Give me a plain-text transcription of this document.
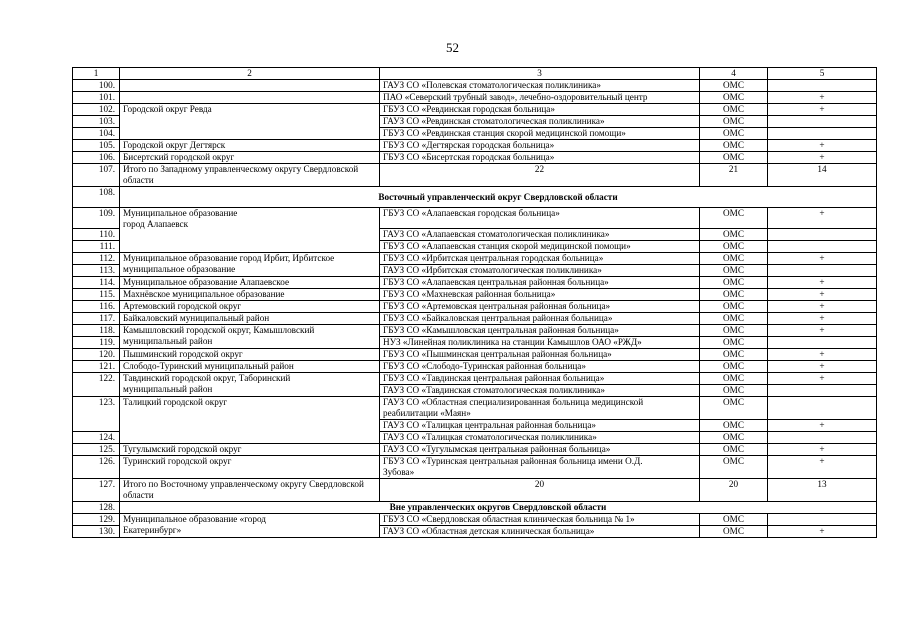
52
1	2	3	4	5
100.		ГАУЗ СО «Полевская стоматологическая поликлиника»	ОМС	
101.		ПАО «Северский трубный завод», лечебно-оздоровительный центр	ОМС	+
102.	Городской округ Ревда	ГБУЗ СО «Ревдинская городская больница»	ОМС	+
103.		ГАУЗ СО «Ревдинская стоматологическая поликлиника»	ОМС	
104.		ГБУЗ СО «Ревдинская станция скорой медицинской помощи»	ОМС	
105.	Городской округ Дегтярск	ГБУЗ СО «Дегтярская городская больница»	ОМС	+
106.	Бисертский городской округ	ГБУЗ СО «Бисертская городская больница»	ОМС	+
107.	Итого по Западному управленческому округу Свердловской области	22	21	14
108.	Восточный управленческий округ Свердловской области			
109.	Муниципальное образование город Алапаевск	ГБУЗ СО «Алапаевская городская больница»	ОМС	+
110.		ГАУЗ СО «Алапаевская стоматологическая поликлиника»	ОМС	
111.		ГБУЗ СО «Алапаевская станция скорой медицинской помощи»	ОМС	
112.	Муниципальное образование город Ирбит, Ирбитское муниципальное образование	ГБУЗ СО «Ирбитская центральная городская больница»	ОМС	+
113.		ГАУЗ СО «Ирбитская стоматологическая поликлиника»	ОМС	
114.	Муниципальное образование Алапаевское	ГБУЗ СО «Алапаевская центральная районная больница»	ОМС	+
115.	Махнёвское муниципальное образование	ГБУЗ СО «Махневская районная больница»	ОМС	+
116.	Артемовский городской округ	ГБУЗ СО «Артемовская центральная районная больница»	ОМС	+
117.	Байкаловский муниципальный район	ГБУЗ СО «Байкаловская центральная районная больница»	ОМС	+
118.	Камышловский городской округ, Камышловский муниципальный район	ГБУЗ СО «Камышловская центральная районная больница»	ОМС	+
119.		НУЗ «Линейная поликлиника на станции Камышлов ОАО «РЖД»	ОМС	
120.	Пышминский городской округ	ГБУЗ СО «Пышминская центральная районная больница»	ОМС	+
121.	Слободо-Туринский муниципальный район	ГБУЗ СО «Слободо-Туринская районная больница»	ОМС	+
122.	Тавдинский городской округ, Таборинский муниципальный район	ГБУЗ СО «Тавдинская центральная районная больница»	ОМС	+
		ГАУЗ СО «Тавдинская стоматологическая поликлиника»	ОМС	
123.	Талицкий городской округ	ГАУЗ СО «Областная специализированная больница медицинской реабилитации «Маян»	ОМС	
		ГАУЗ СО «Талицкая центральная районная больница»	ОМС	+
124.		ГАУЗ СО «Талицкая стоматологическая поликлиника»	ОМС	
125.	Тугулымский городской округ	ГАУЗ СО «Тугулымская центральная районная больница»	ОМС	+
126.	Туринский городской округ	ГБУЗ СО «Туринская центральная районная больница имени О.Д. Зубова»	ОМС	+
127.	Итого по Восточному управленческому округу Свердловской области	20	20	13
128.	Вне управленческих округов Свердловской области			
129.	Муниципальное образование «город Екатеринбург»	ГБУЗ СО «Свердловская областная клиническая больница № 1»	ОМС	
130.		ГАУЗ СО «Областная детская клиническая больница»	ОМС	+
